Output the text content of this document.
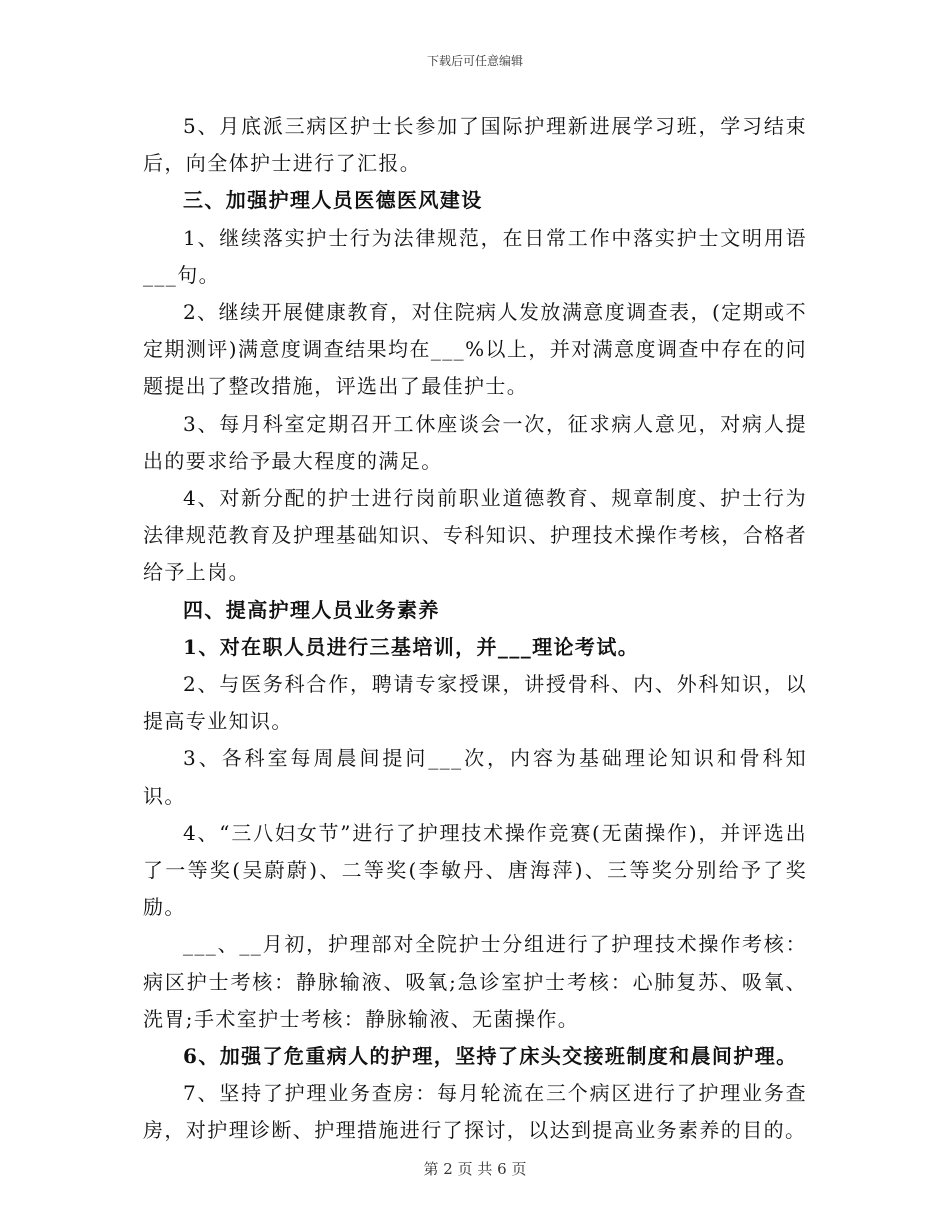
下载后可任意编辑

5、月底派三病区护士长参加了国际护理新进展学习班，学习结束后，向全体护士进行了汇报。

三、加强护理人员医德医风建设

1、继续落实护士行为法律规范，在日常工作中落实护士文明用语___句。

2、继续开展健康教育，对住院病人发放满意度调查表，(定期或不定期测评)满意度调查结果均在___%以上，并对满意度调查中存在的问题提出了整改措施，评选出了最佳护士。

3、每月科室定期召开工休座谈会一次，征求病人意见，对病人提出的要求给予最大程度的满足。

4、对新分配的护士进行岗前职业道德教育、规章制度、护士行为法律规范教育及护理基础知识、专科知识、护理技术操作考核，合格者给予上岗。

四、提高护理人员业务素养

1、对在职人员进行三基培训，并___理论考试。

2、与医务科合作，聘请专家授课，讲授骨科、内、外科知识，以提高专业知识。

3、各科室每周晨间提问___次，内容为基础理论知识和骨科知识。

4、“三八妇女节”进行了护理技术操作竞赛(无菌操作)，并评选出了一等奖(吴蔚蔚)、二等奖(李敏丹、唐海萍)、三等奖分别给予了奖励。

___、__月初，护理部对全院护士分组进行了护理技术操作考核：病区护士考核：静脉输液、吸氧;急诊室护士考核：心肺复苏、吸氧、洗胃;手术室护士考核：静脉输液、无菌操作。

6、加强了危重病人的护理，坚持了床头交接班制度和晨间护理。

7、坚持了护理业务查房：每月轮流在三个病区进行了护理业务查房，对护理诊断、护理措施进行了探讨，以达到提高业务素养的目的。

第 2 页 共 6 页
